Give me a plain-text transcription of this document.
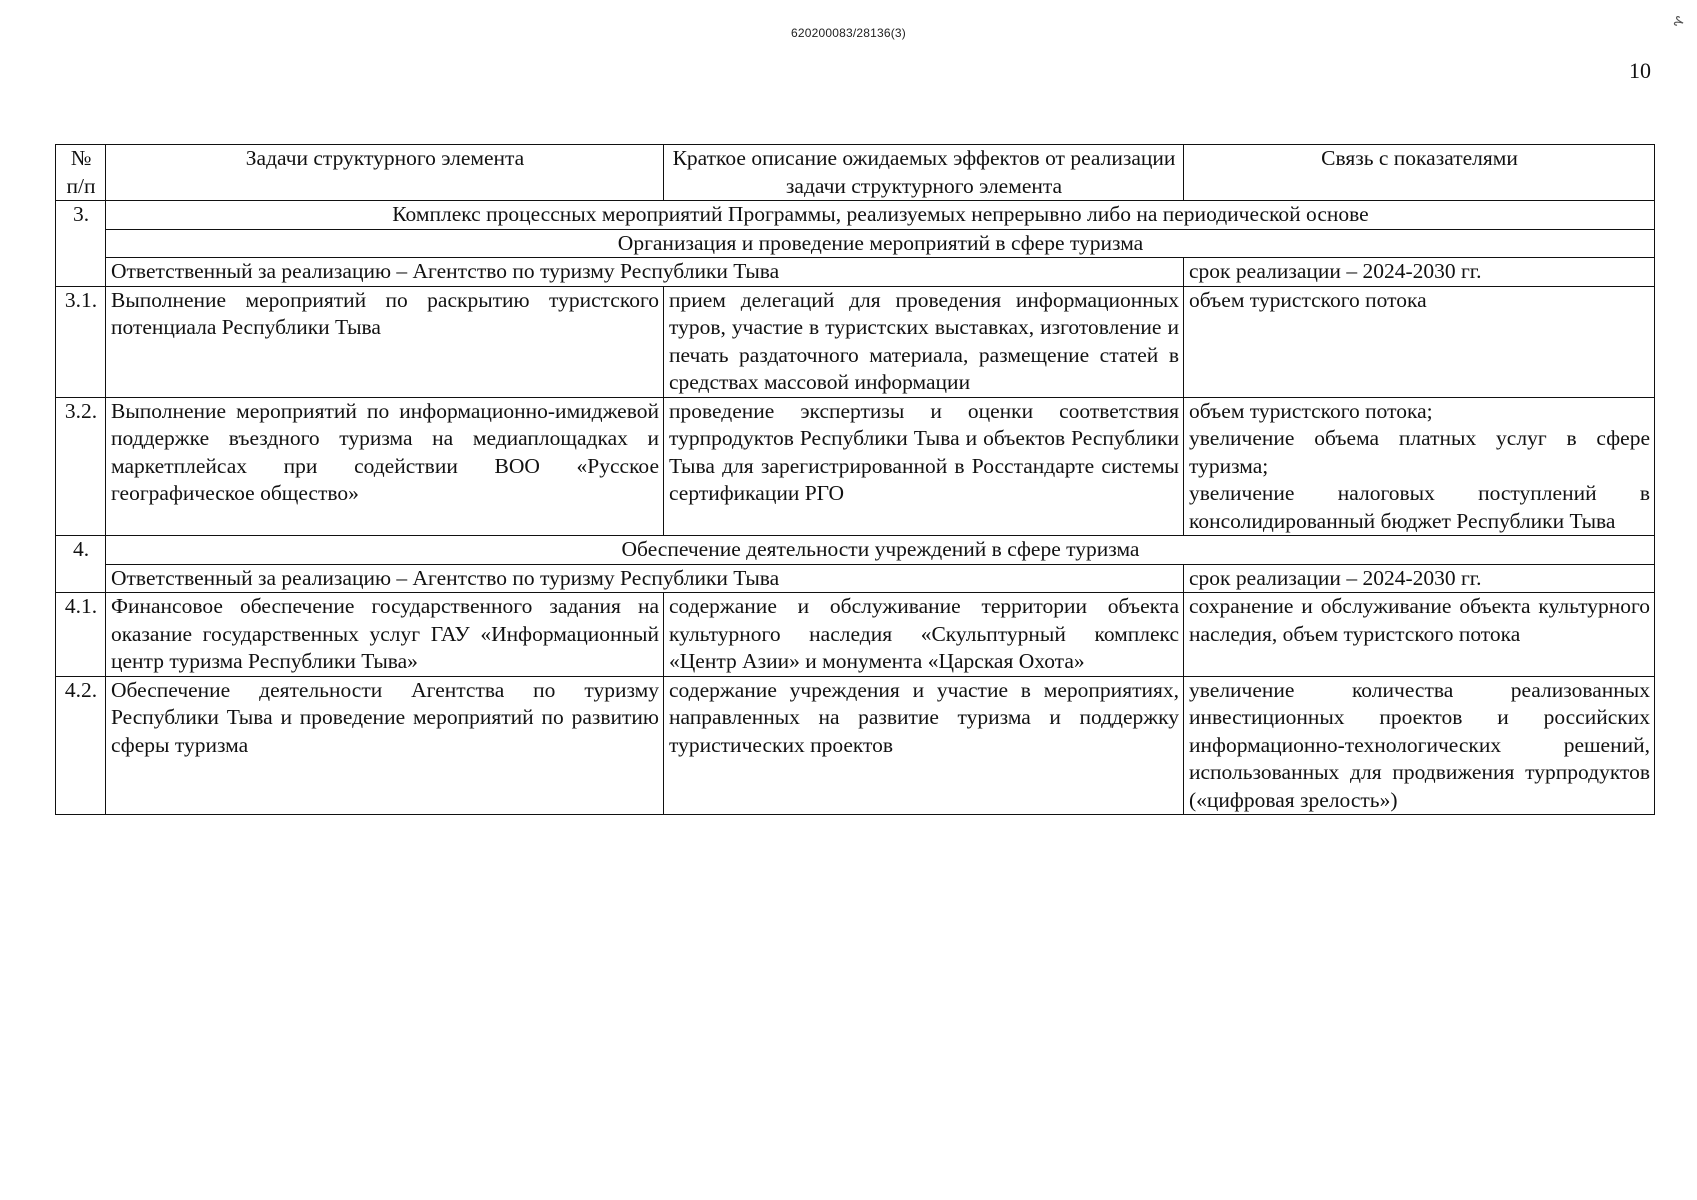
620200083/28136(3)
⊱
10
№ п/п	Задачи структурного элемента	Краткое описание ожидаемых эффектов от реализации задачи структурного элемента	Связь с показателями
3.	Комплекс процессных мероприятий Программы, реализуемых непрерывно либо на периодической основе		
	Организация и проведение мероприятий в сфере туризма		
	Ответственный за реализацию – Агентство по туризму Республики Тыва		срок реализации – 2024-2030 гг.
3.1.	Выполнение мероприятий по раскрытию туристского потенциала Республики Тыва	прием делегаций для проведения информационных туров, участие в туристских выставках, изготовление и печать раздаточного материала, размещение статей в средствах массовой информации	объем туристского потока
3.2.	Выполнение мероприятий по информационно-имиджевой поддержке въездного туризма на медиаплощадках и маркетплейсах при содействии ВОО «Русское географическое общество»	проведение экспертизы и оценки соответствия турпродуктов Республики Тыва и объектов Республики Тыва для зарегистрированной в Росстандарте системы сертификации РГО	объем туристского потока;
увеличение объема платных услуг в сфере туризма;
увеличение налоговых поступлений в консолидированный бюджет Республики Тыва

4.	Обеспечение деятельности учреждений в сфере туризма		
	Ответственный за реализацию – Агентство по туризму Республики Тыва		срок реализации – 2024-2030 гг.
4.1.	Финансовое обеспечение государственного задания на оказание государственных услуг ГАУ «Информационный центр туризма Республики Тыва»	содержание и обслуживание территории объекта культурного наследия «Скульптурный комплекс «Центр Азии» и монумента «Царская Охота»	сохранение и обслуживание объекта культурного наследия, объем туристского потока
4.2.	Обеспечение деятельности Агентства по туризму Республики Тыва и проведение мероприятий по развитию сферы туризма	содержание учреждения и участие в мероприятиях, направленных на развитие туризма и поддержку туристических проектов	увеличение количества реализованных инвестиционных проектов и российских информационно-технологических решений, использованных для продвижения турпродуктов («цифровая зрелость»)
